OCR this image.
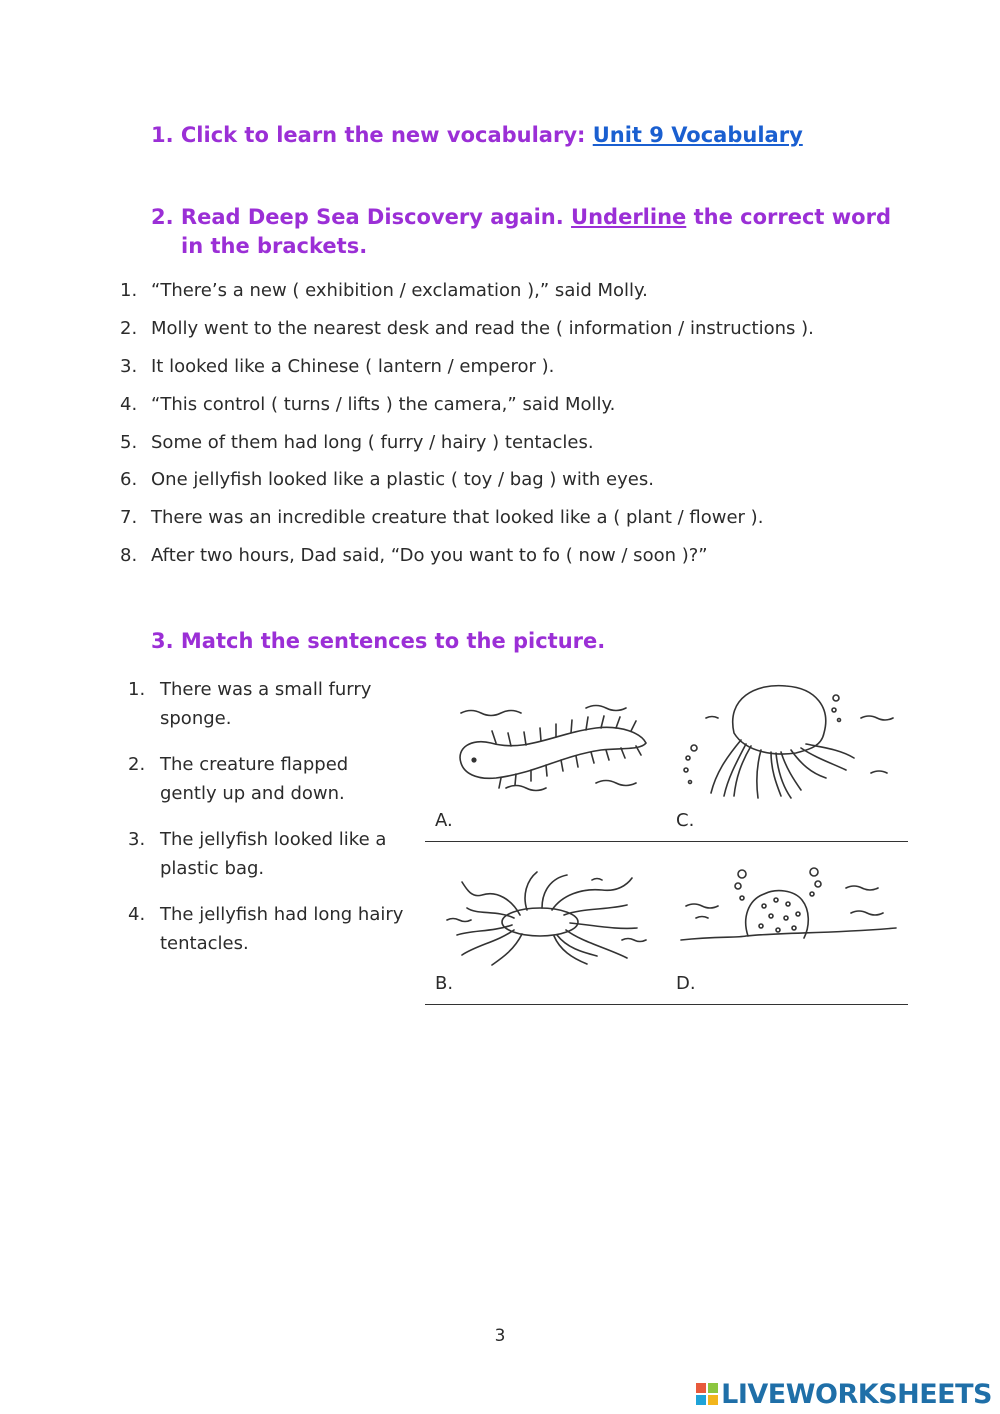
1. Click to learn the new vocabulary: Unit 9 Vocabulary
2. Read Deep Sea Discovery again. Underline the correct word
in the brackets.
1. “There’s a new ( exhibition / exclamation ),” said Molly.
2. Molly went to the nearest desk and read the ( information / instructions ).
3. It looked like a Chinese ( lantern / emperor ).
4. “This control ( turns / lifts ) the camera,” said Molly.
5. Some of them had long ( furry / hairy ) tentacles.
6. One jellyfish looked like a plastic ( toy / bag ) with eyes.
7. There was an incredible creature that looked like a ( plant / flower ).
8. After two hours, Dad said, “Do you want to fo ( now / soon )?”
3. Match the sentences to the picture.
1. There was a small furry
sponge.
2. The creature flapped
gently up and down.
3. The jellyfish looked like a
plastic bag.
4. The jellyfish had long hairy
tentacles.
A.	C.
B.	D.
3
LIVEWORKSHEETS
